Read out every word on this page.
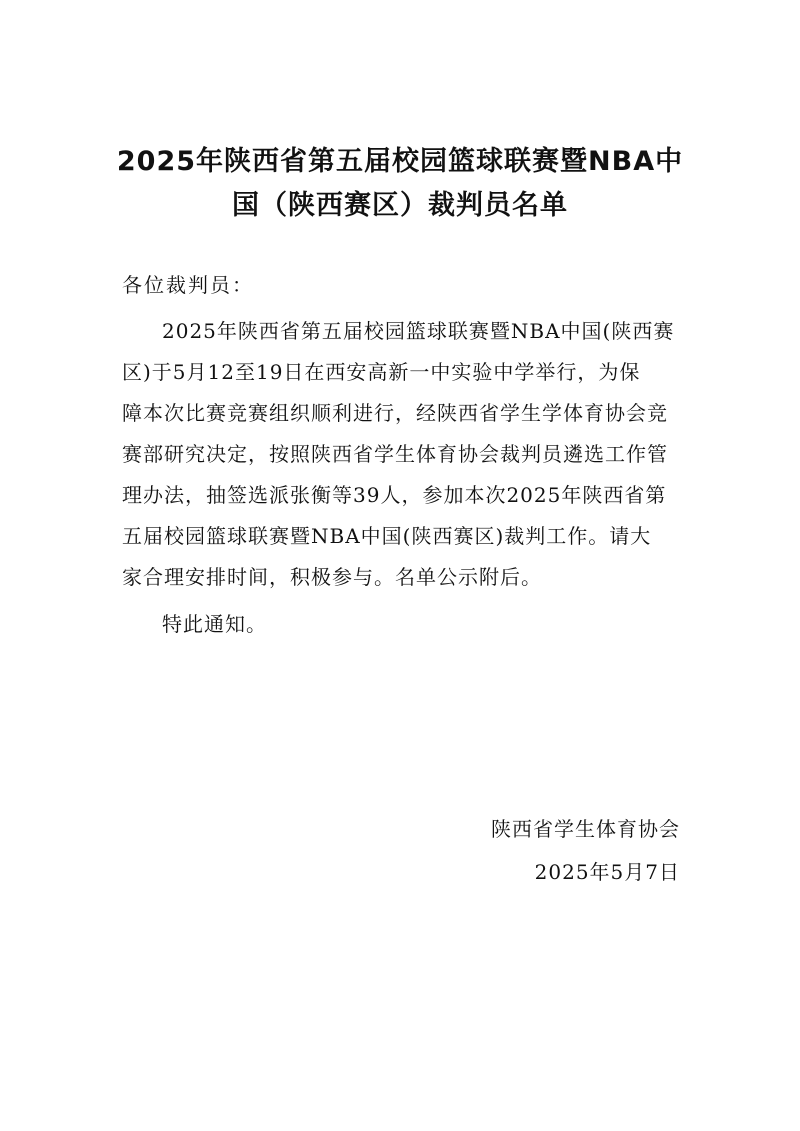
2025年陕西省第五届校园篮球联赛暨NBA中
国（陕西赛区）裁判员名单
各位裁判员：
2025年陕西省第五届校园篮球联赛暨NBA中国(陕西赛
区)于5月12至19日在西安高新一中实验中学举行，为保
障本次比赛竞赛组织顺利进行，经陕西省学生学体育协会竞
赛部研究决定，按照陕西省学生体育协会裁判员遴选工作管
理办法，抽签选派张衡等39人，参加本次2025年陕西省第
五届校园篮球联赛暨NBA中国(陕西赛区)裁判工作。请大
家合理安排时间，积极参与。名单公示附后。
特此通知。
陕西省学生体育协会
2025年5月7日
